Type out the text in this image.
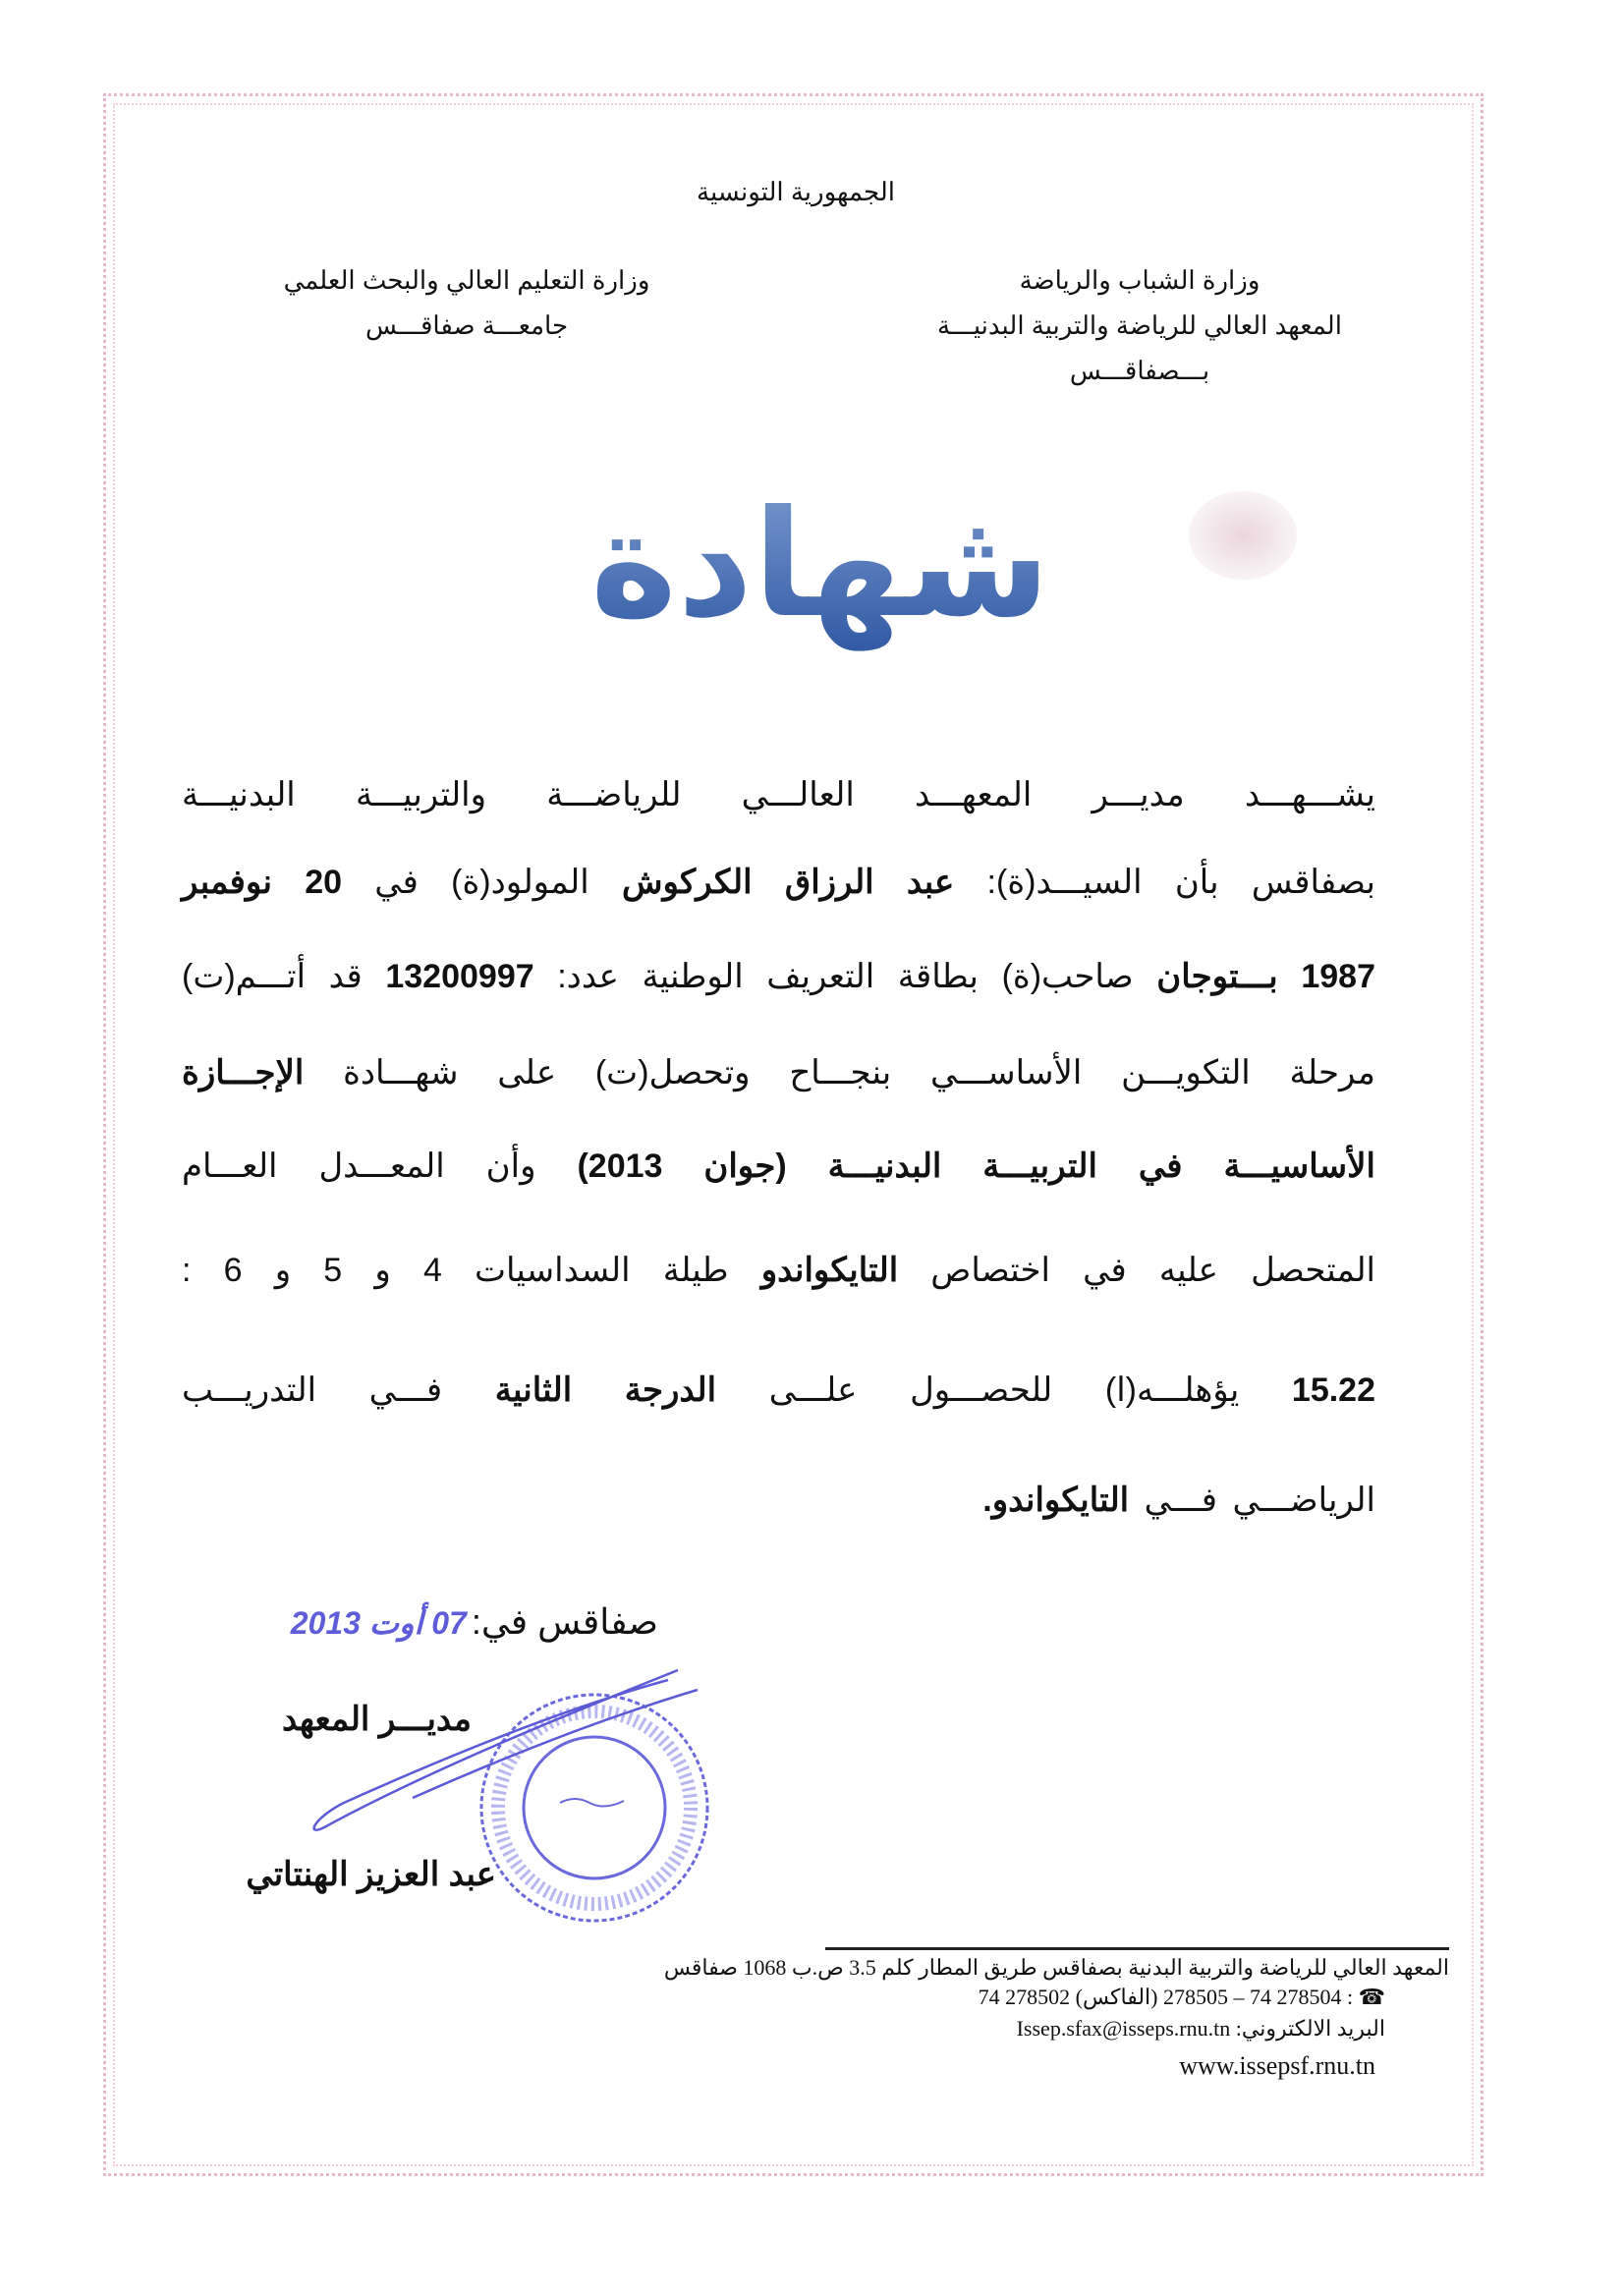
الجمهورية التونسية
وزارة التعليم العالي والبحث العلمي
جامعـــة صفاقـــس
وزارة الشباب والرياضة
المعهد العالي للرياضة والتربية البدنيـــة
بـــصفاقـــس
شهادة
يشـــهـــد مديـــر المعهـــد العالـــي للرياضـــة والتربيـــة البدنيـــة
بصفاقس بأن السيـــد(ة): عبد الرزاق الكركوش المولود(ة) في 20 نوفمبر
1987 بـــتوجان صاحب(ة) بطاقة التعريف الوطنية عدد: 13200997 قد أتـــم(ت)
مرحلة التكويـــن الأساســـي بنجـــاح وتحصل(ت) على شهـــادة الإجـــازة
الأساسيـــة في التربيـــة البدنيـــة (جوان 2013) وأن المعـــدل العـــام
المتحصل عليه في اختصاص التايكواندو طيلة السداسيات 4 و 5 و 6 :
15.22 يؤهلـــه(ا) للحصـــول علـــى الدرجة الثانية فـــي التدريـــب
الرياضـــي فـــي التايكواندو.
صفاقس في: 07 أوت 2013
مديـــر المعهد
عبد العزيز الهنتاتي
المعهد العالي للرياضة والتربية البدنية بصفاقس طريق المطار كلم 3.5 ص.ب 1068 صفاقس
☎ : 278505 – 74 278504 (الفاكس) 74 278502
البريد الالكتروني: Issep.sfax@isseps.rnu.tn
www.issepsf.rnu.tn
